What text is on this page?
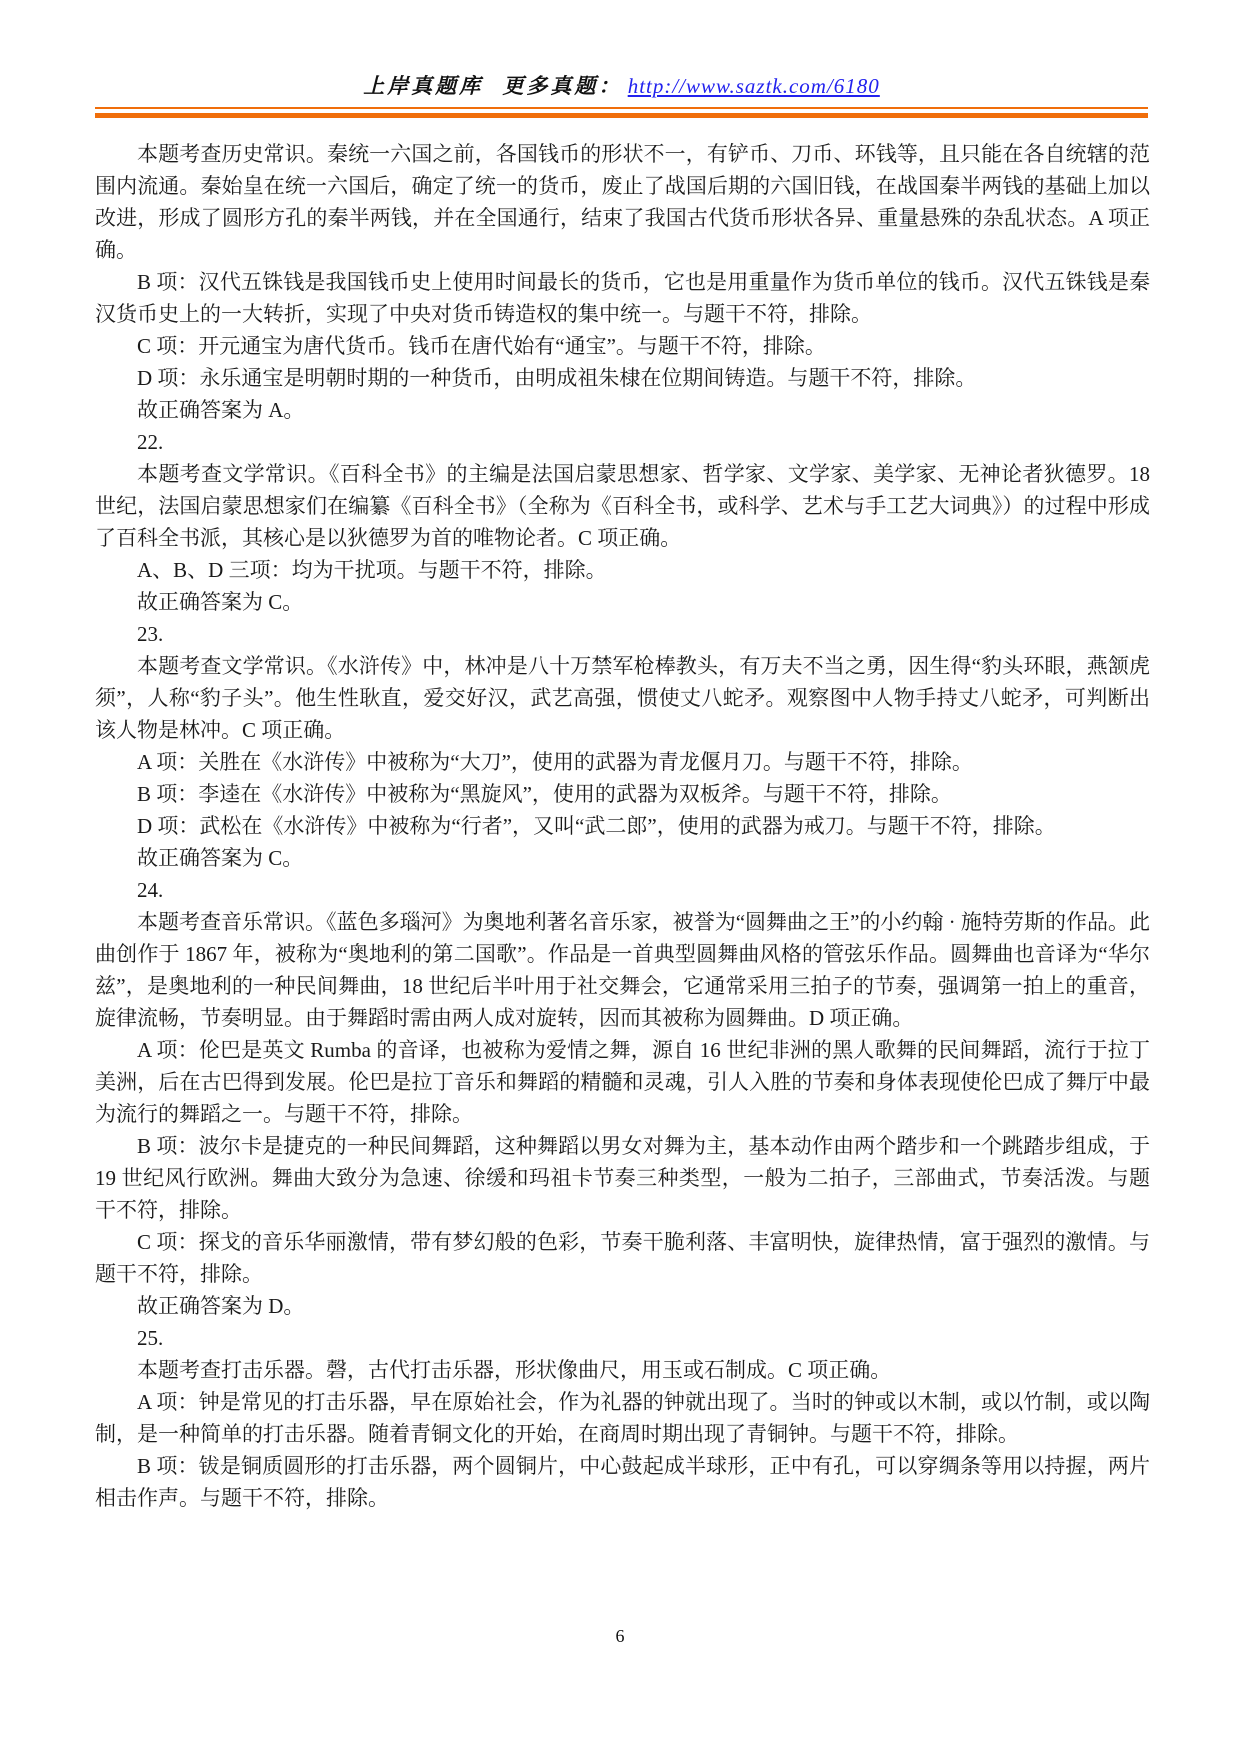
上岸真题库 更多真题： http://www.saztk.com/6180

本题考查历史常识。秦统一六国之前，各国钱币的形状不一，有铲币、刀币、环钱等，且只能在各自统辖的范围内流通。秦始皇在统一六国后，确定了统一的货币，废止了战国后期的六国旧钱，在战国秦半两钱的基础上加以改进，形成了圆形方孔的秦半两钱，并在全国通行，结束了我国古代货币形状各异、重量悬殊的杂乱状态。A 项正确。

B 项：汉代五铢钱是我国钱币史上使用时间最长的货币，它也是用重量作为货币单位的钱币。汉代五铢钱是秦汉货币史上的一大转折，实现了中央对货币铸造权的集中统一。与题干不符，排除。

C 项：开元通宝为唐代货币。钱币在唐代始有“通宝”。与题干不符，排除。

D 项：永乐通宝是明朝时期的一种货币，由明成祖朱棣在位期间铸造。与题干不符，排除。

故正确答案为 A。

22.

本题考查文学常识。《百科全书》的主编是法国启蒙思想家、哲学家、文学家、美学家、无神论者狄德罗。18 世纪，法国启蒙思想家们在编纂《百科全书》（全称为《百科全书，或科学、艺术与手工艺大词典》）的过程中形成了百科全书派，其核心是以狄德罗为首的唯物论者。C 项正确。

A、B、D 三项：均为干扰项。与题干不符，排除。

故正确答案为 C。

23.

本题考查文学常识。《水浒传》中，林冲是八十万禁军枪棒教头，有万夫不当之勇，因生得“豹头环眼，燕颔虎须”，人称“豹子头”。他生性耿直，爱交好汉，武艺高强，惯使丈八蛇矛。观察图中人物手持丈八蛇矛，可判断出该人物是林冲。C 项正确。

A 项：关胜在《水浒传》中被称为“大刀”，使用的武器为青龙偃月刀。与题干不符，排除。

B 项：李逵在《水浒传》中被称为“黑旋风”，使用的武器为双板斧。与题干不符，排除。

D 项：武松在《水浒传》中被称为“行者”，又叫“武二郎”，使用的武器为戒刀。与题干不符，排除。

故正确答案为 C。

24.

本题考查音乐常识。《蓝色多瑙河》为奥地利著名音乐家，被誉为“圆舞曲之王”的小约翰 · 施特劳斯的作品。此曲创作于 1867 年，被称为“奥地利的第二国歌”。作品是一首典型圆舞曲风格的管弦乐作品。圆舞曲也音译为“华尔兹”，是奥地利的一种民间舞曲，18 世纪后半叶用于社交舞会，它通常采用三拍子的节奏，强调第一拍上的重音，旋律流畅，节奏明显。由于舞蹈时需由两人成对旋转，因而其被称为圆舞曲。D 项正确。

A 项：伦巴是英文 Rumba 的音译，也被称为爱情之舞，源自 16 世纪非洲的黑人歌舞的民间舞蹈，流行于拉丁美洲，后在古巴得到发展。伦巴是拉丁音乐和舞蹈的精髓和灵魂，引人入胜的节奏和身体表现使伦巴成了舞厅中最为流行的舞蹈之一。与题干不符，排除。

B 项：波尔卡是捷克的一种民间舞蹈，这种舞蹈以男女对舞为主，基本动作由两个踏步和一个跳踏步组成，于 19 世纪风行欧洲。舞曲大致分为急速、徐缓和玛祖卡节奏三种类型，一般为二拍子，三部曲式，节奏活泼。与题干不符，排除。

C 项：探戈的音乐华丽激情，带有梦幻般的色彩，节奏干脆利落、丰富明快，旋律热情，富于强烈的激情。与题干不符，排除。

故正确答案为 D。

25.

本题考查打击乐器。磬，古代打击乐器，形状像曲尺，用玉或石制成。C 项正确。

A 项：钟是常见的打击乐器，早在原始社会，作为礼器的钟就出现了。当时的钟或以木制，或以竹制，或以陶制，是一种简单的打击乐器。随着青铜文化的开始，在商周时期出现了青铜钟。与题干不符，排除。

B 项：钹是铜质圆形的打击乐器，两个圆铜片，中心鼓起成半球形，正中有孔，可以穿绸条等用以持握，两片相击作声。与题干不符，排除。

6
